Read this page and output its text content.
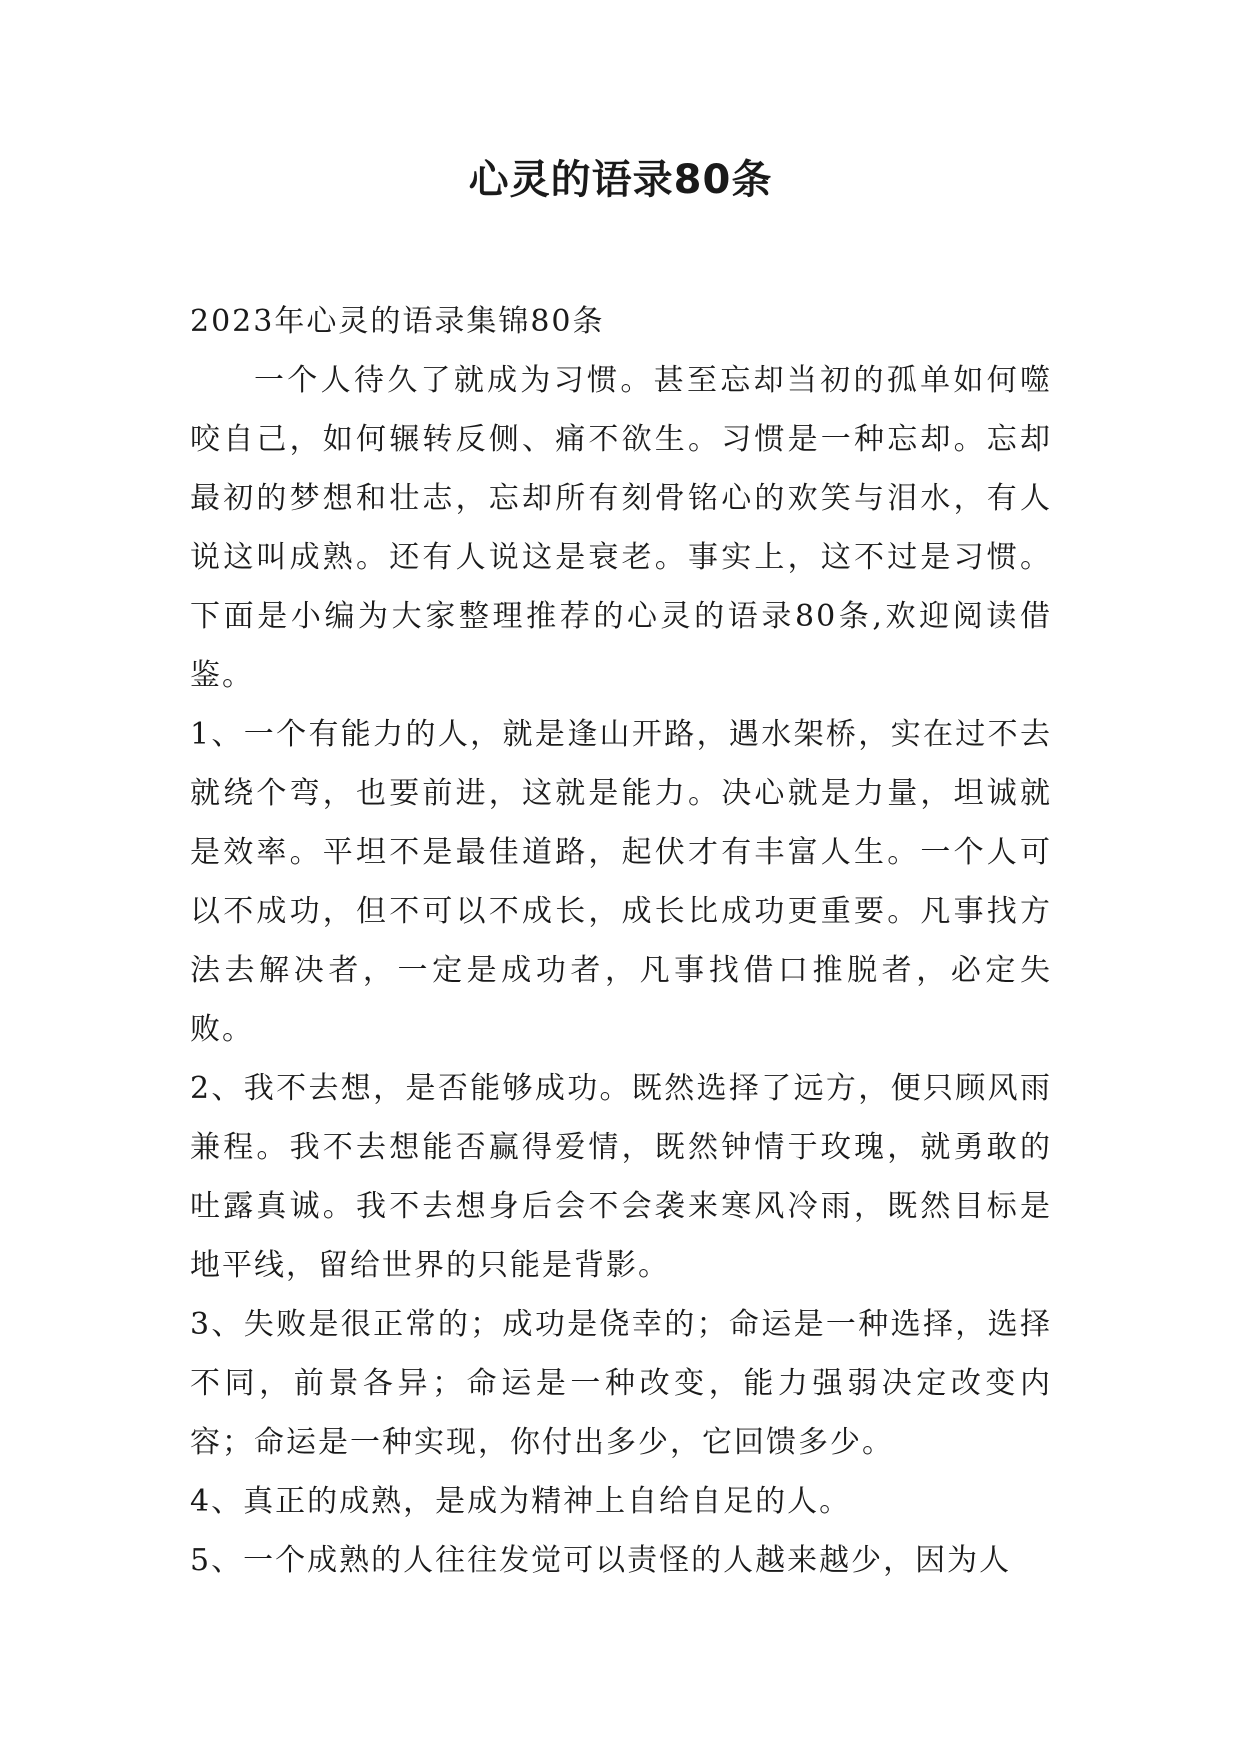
心灵的语录80条

2023年心灵的语录集锦80条

一个人待久了就成为习惯。甚至忘却当初的孤单如何噬咬自己，如何辗转反侧、痛不欲生。习惯是一种忘却。忘却最初的梦想和壮志，忘却所有刻骨铭心的欢笑与泪水，有人说这叫成熟。还有人说这是衰老。事实上，这不过是习惯。下面是小编为大家整理推荐的心灵的语录80条,欢迎阅读借鉴。

1、一个有能力的人，就是逢山开路，遇水架桥，实在过不去就绕个弯，也要前进，这就是能力。决心就是力量，坦诚就是效率。平坦不是最佳道路，起伏才有丰富人生。一个人可以不成功，但不可以不成长，成长比成功更重要。凡事找方法去解决者，一定是成功者，凡事找借口推脱者，必定失败。

2、我不去想，是否能够成功。既然选择了远方，便只顾风雨兼程。我不去想能否赢得爱情，既然钟情于玫瑰，就勇敢的吐露真诚。我不去想身后会不会袭来寒风冷雨，既然目标是地平线，留给世界的只能是背影。

3、失败是很正常的；成功是侥幸的；命运是一种选择，选择不同，前景各异；命运是一种改变，能力强弱决定改变内容；命运是一种实现，你付出多少，它回馈多少。

4、真正的成熟，是成为精神上自给自足的人。

5、一个成熟的人往往发觉可以责怪的人越来越少，因为人
